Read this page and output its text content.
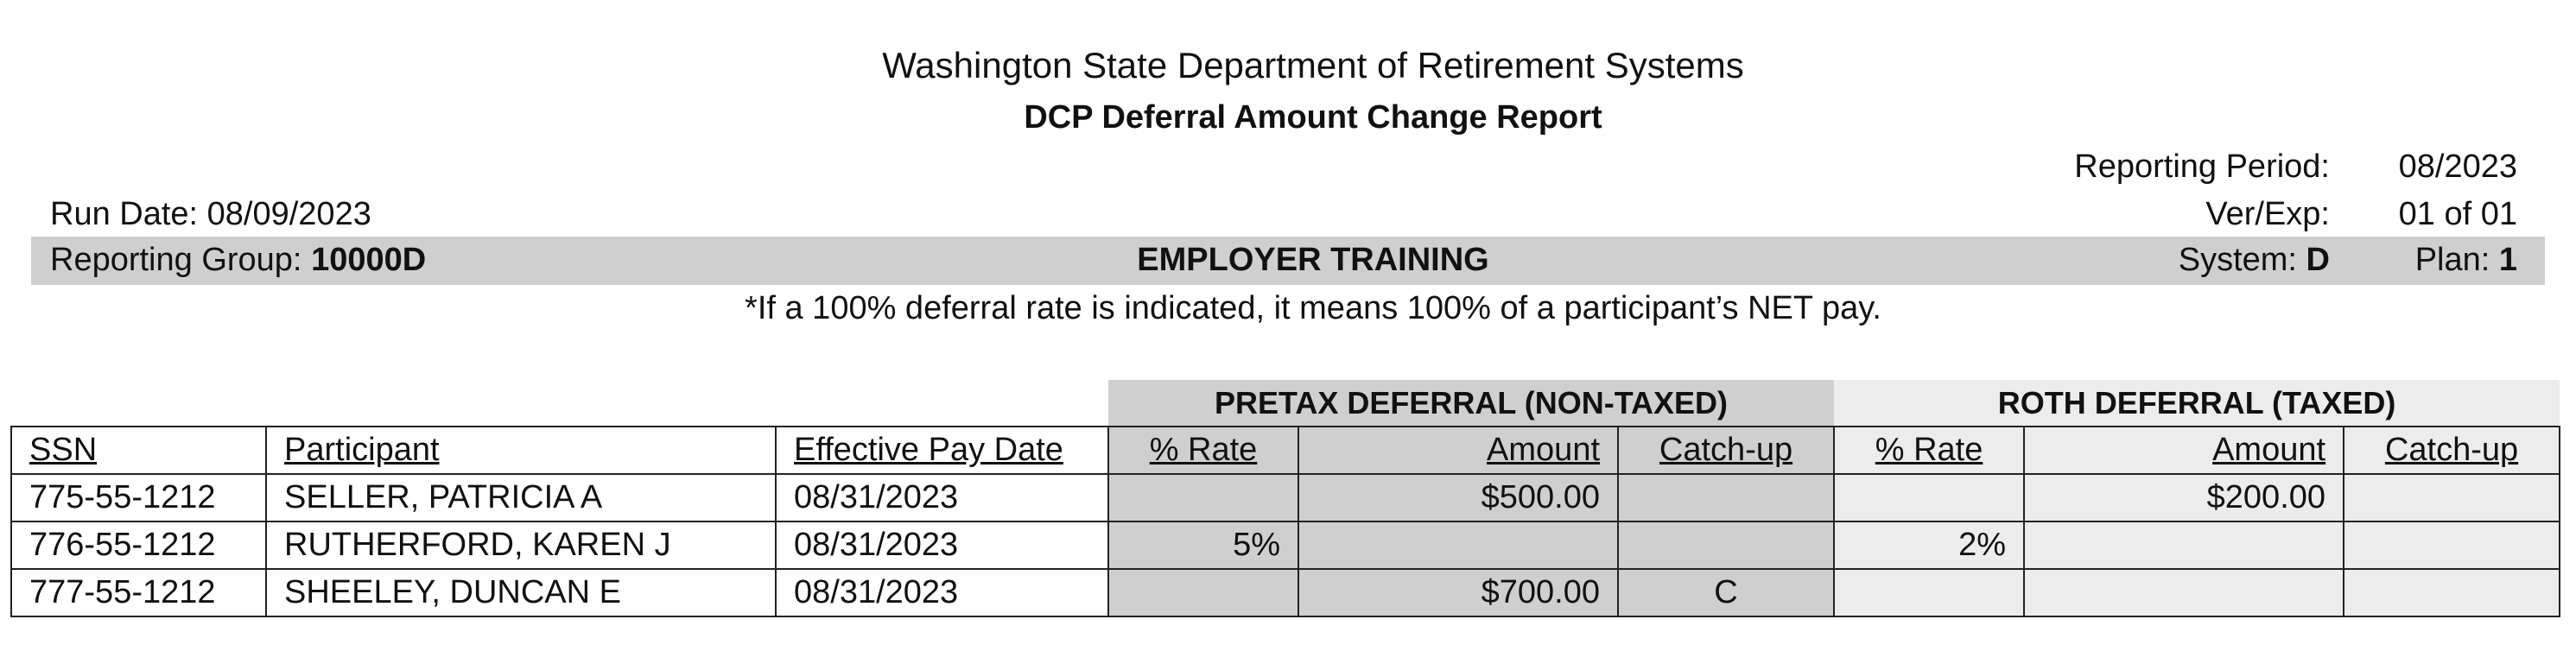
Washington State Department of Retirement Systems
DCP Deferral Amount Change Report
Reporting Period: 08/2023
Run Date: 08/09/2023	Ver/Exp: 01 of 01
Reporting Group: 10000D	EMPLOYER TRAINING	System: D	Plan: 1
*If a 100% deferral rate is indicated, it means 100% of a participant’s NET pay.
			PRETAX DEFERRAL (NON-TAXED)			ROTH DEFERRAL (TAXED)		
SSN	Participant	Effective Pay Date	% Rate	Amount	Catch-up	% Rate	Amount	Catch-up
775-55-1212	SELLER, PATRICIA A	08/31/2023		$500.00			$200.00	
776-55-1212	RUTHERFORD, KAREN J	08/31/2023	5%			2%		
777-55-1212	SHEELEY, DUNCAN E	08/31/2023		$700.00	C			
